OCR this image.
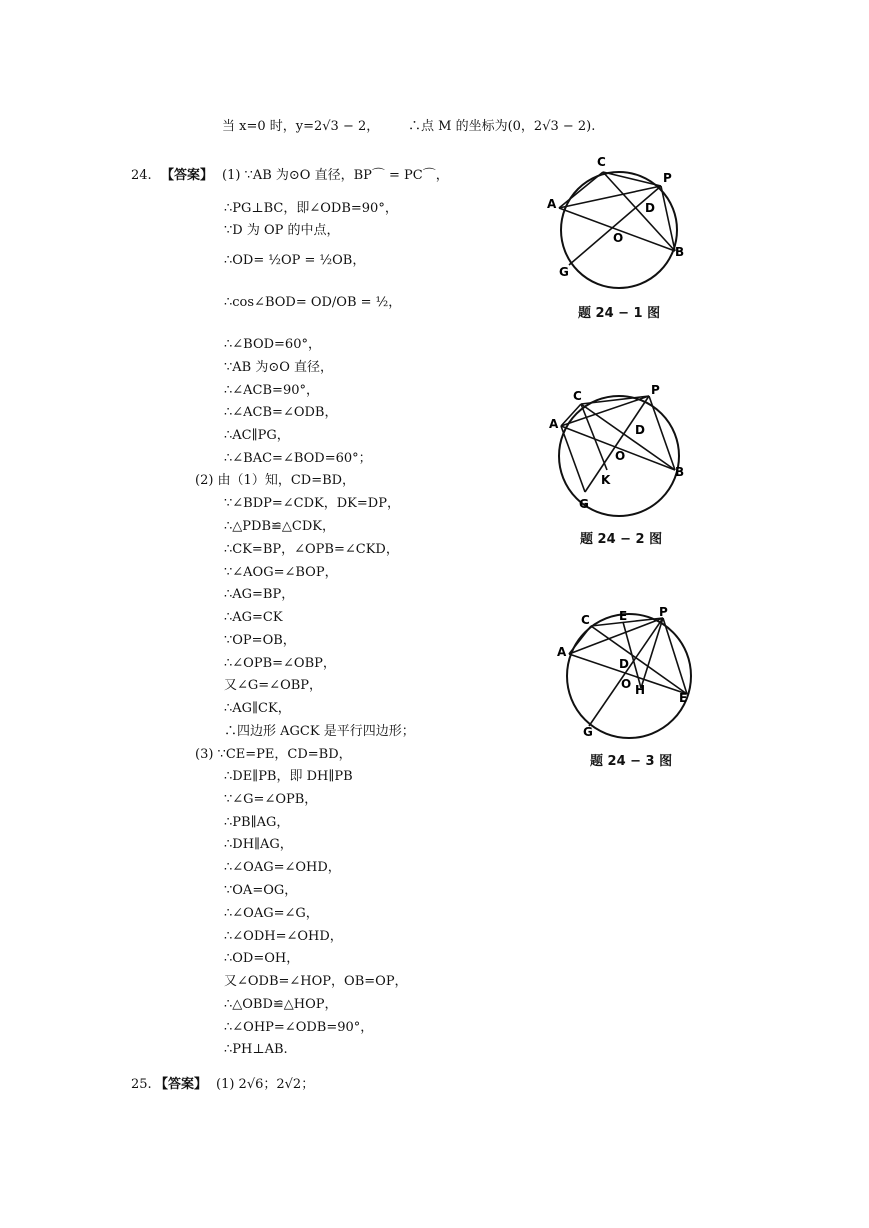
当 x=0 时，y=2√3 − 2， ∴点 M 的坐标为(0，2√3 − 2).
24. 【答案】 (1) ∵AB 为⊙O 直径，BP⌒ = PC⌒，
∴PG⊥BC，即∠ODB=90°，
∵D 为 OP 的中点，
∴OD= ½OP = ½OB，
∴cos∠BOD= OD/OB = ½，
∴∠BOD=60°，
∵AB 为⊙O 直径，
∴∠ACB=90°，
∴∠ACB=∠ODB，
∴AC∥PG，
∴∠BAC=∠BOD=60°；
(2) 由（1）知，CD=BD，
∵∠BDP=∠CDK，DK=DP，
∴△PDB≌△CDK，
∴CK=BP，∠OPB=∠CKD，
∵∠AOG=∠BOP，
∴AG=BP，
∴AG=CK
∵OP=OB，
∴∠OPB=∠OBP，
又∠G=∠OBP，
∴AG∥CK，
∴四边形 AGCK 是平行四边形；
(3) ∵CE=PE，CD=BD，
∴DE∥PB，即 DH∥PB
∵∠G=∠OPB，
∴PB∥AG，
∴DH∥AG，
∴∠OAG=∠OHD，
∵OA=OG，
∴∠OAG=∠G，
∴∠ODH=∠OHD，
∴OD=OH，
又∠ODB=∠HOP，OB=OP，
∴△OBD≌△HOP，
∴∠OHP=∠ODB=90°，
∴PH⊥AB.
C
P
A	D
O
B
G
题 24 − 1 图
C	P
A	D
O
B
K
G
题 24 − 2 图
C E	P
A
D
O H
E
G
题 24 − 3 图
25. 【答案】 (1) 2√6；2√2；
